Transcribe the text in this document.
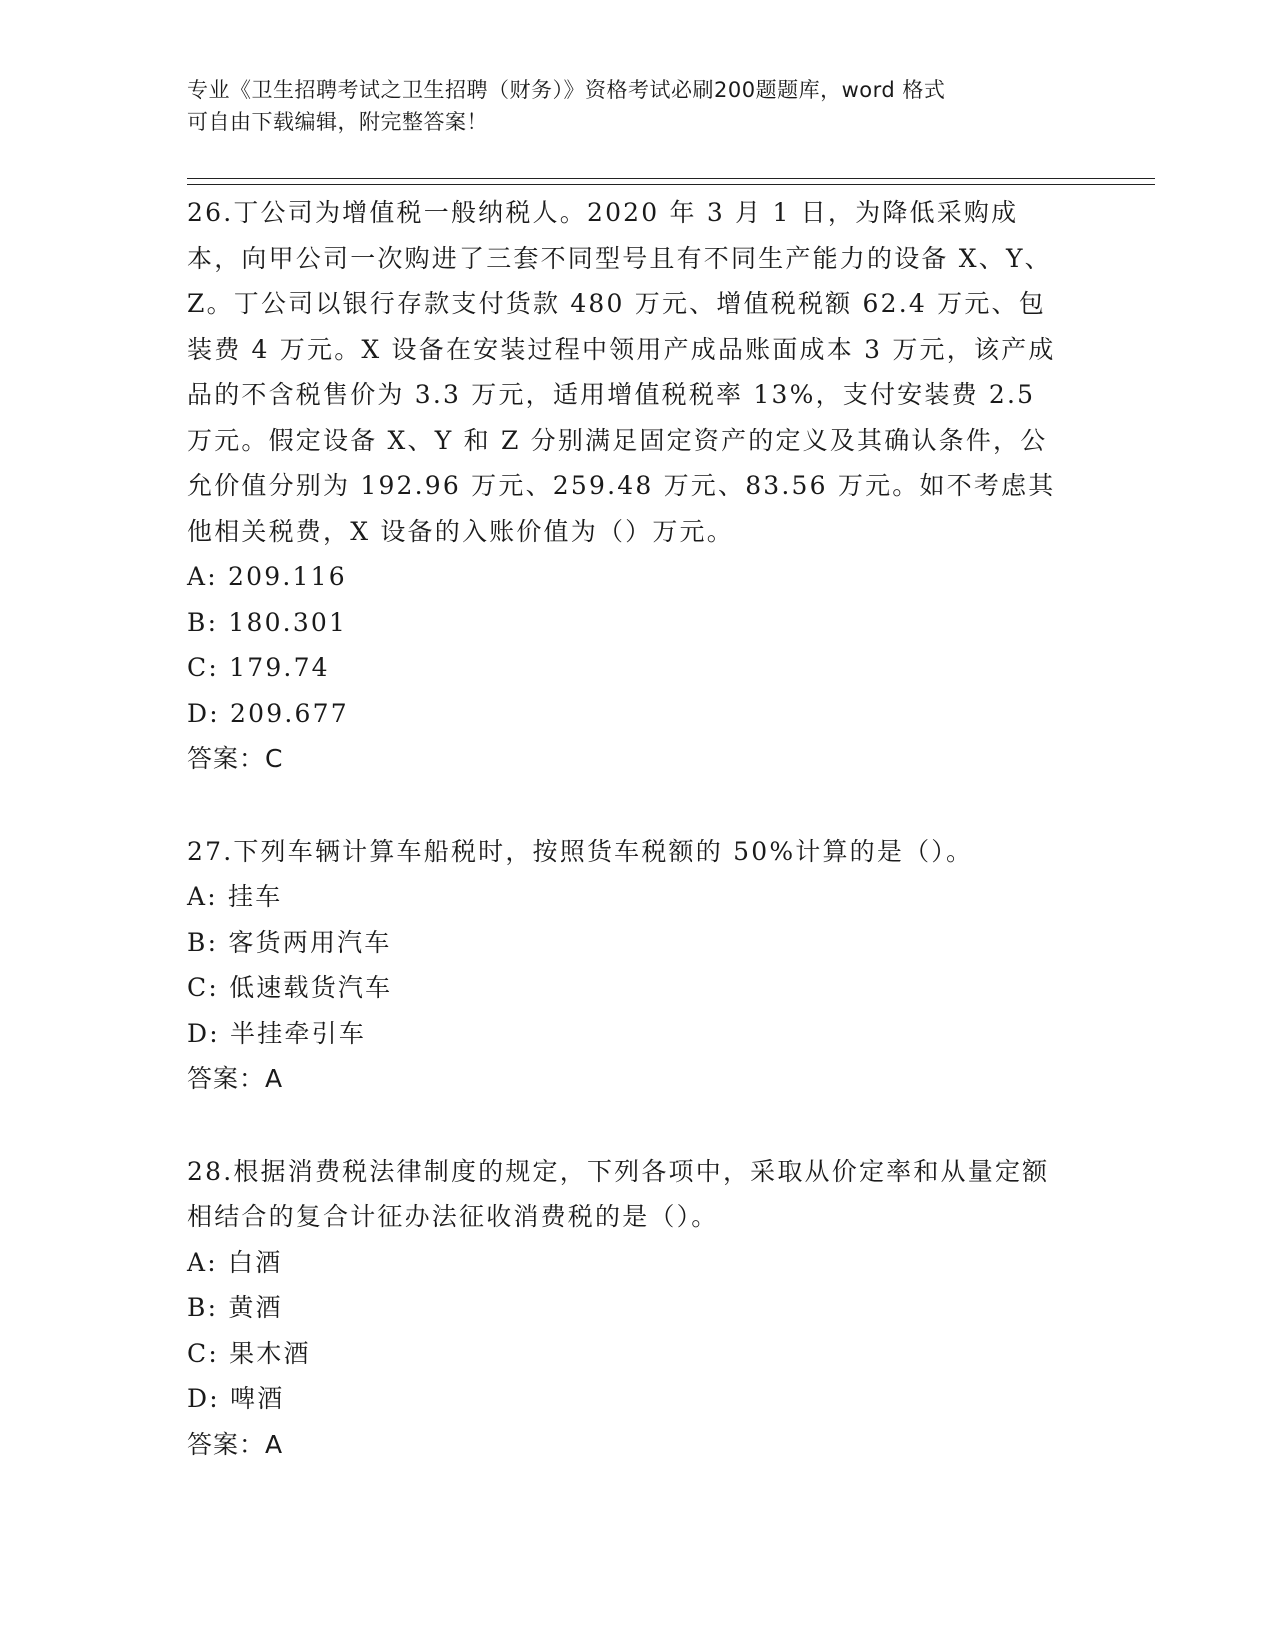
专业《卫生招聘考试之卫生招聘（财务）》资格考试必刷200题题库，word 格式
可自由下载编辑，附完整答案！

26.丁公司为增值税一般纳税人。2020 年 3 月 1 日，为降低采购成本，向甲公司一次购进了三套不同型号且有不同生产能力的设备 X、Y、Z。丁公司以银行存款支付货款 480 万元、增值税税额 62.4 万元、包装费 4 万元。X 设备在安装过程中领用产成品账面成本 3 万元，该产成品的不含税售价为 3.3 万元，适用增值税税率 13%，支付安装费 2.5 万元。假定设备 X、Y 和 Z 分别满足固定资产的定义及其确认条件，公允价值分别为 192.96 万元、259.48 万元、83.56 万元。如不考虑其他相关税费，X 设备的入账价值为（）万元。

A: 209.116
B: 180.301
C: 179.74
D: 209.677
答案：C

27.下列车辆计算车船税时，按照货车税额的 50%计算的是（）。

A: 挂车
B: 客货两用汽车
C: 低速载货汽车
D: 半挂牵引车
答案：A

28.根据消费税法律制度的规定，下列各项中，采取从价定率和从量定额相结合的复合计征办法征收消费税的是（）。

A: 白酒
B: 黄酒
C: 果木酒
D: 啤酒
答案：A
